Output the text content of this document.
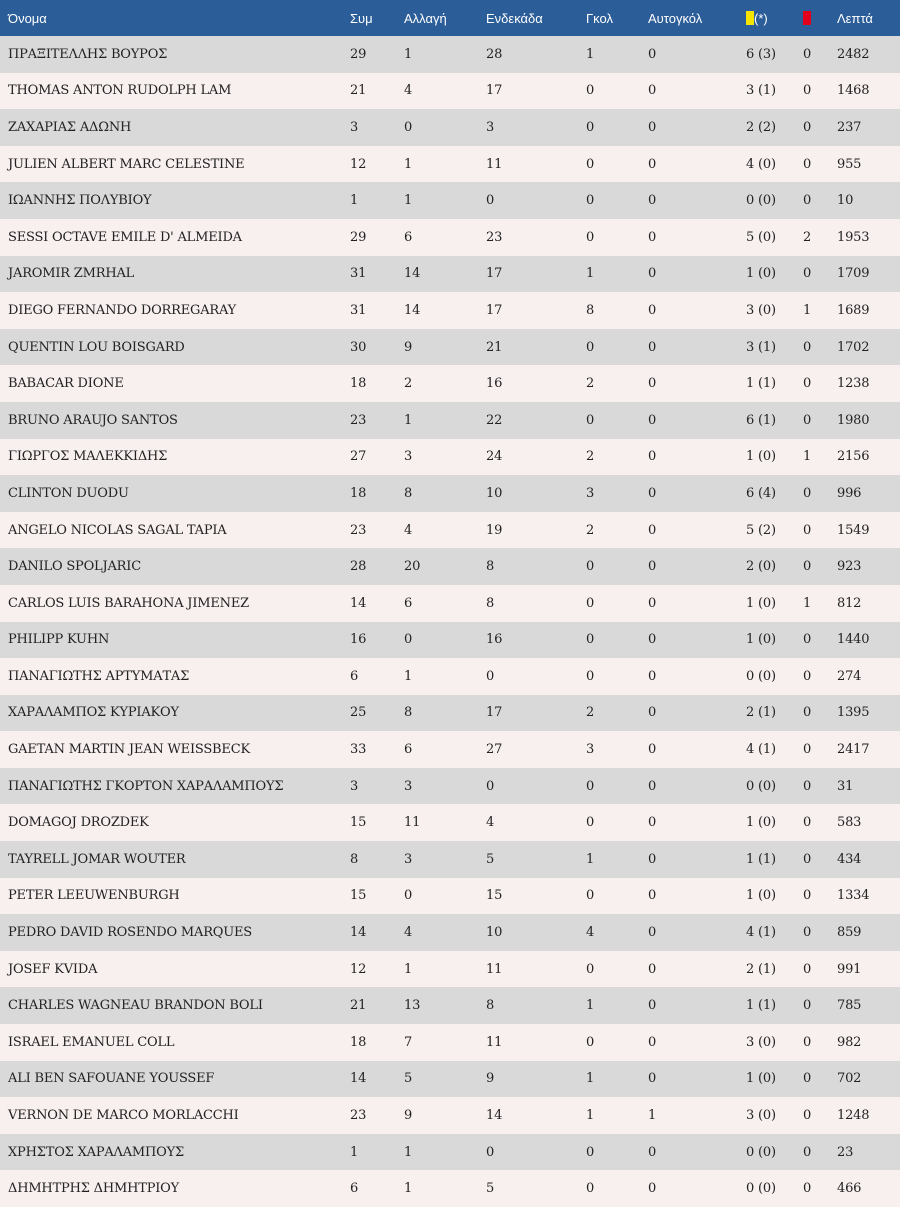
Όνομα	Συμ	Αλλαγή	Ενδεκάδα	Γκολ	Αυτογκόλ	(*)		Λεπτά
ΠΡΑΞΙΤΕΛΛΗΣ ΒΟΥΡΟΣ	29	1	28	1	0	6 (3)	0	2482
THOMAS ANTON RUDOLPH LAM	21	4	17	0	0	3 (1)	0	1468
ΖΑΧΑΡΙΑΣ ΑΔΩΝΗ	3	0	3	0	0	2 (2)	0	237
JULIEN ALBERT MARC CELESTINE	12	1	11	0	0	4 (0)	0	955
ΙΩΑΝΝΗΣ ΠΟΛΥΒΙΟΥ	1	1	0	0	0	0 (0)	0	10
SESSI OCTAVE EMILE D' ALMEIDA	29	6	23	0	0	5 (0)	2	1953
JAROMIR ZMRHAL	31	14	17	1	0	1 (0)	0	1709
DIEGO FERNANDO DORREGARAY	31	14	17	8	0	3 (0)	1	1689
QUENTIN LOU BOISGARD	30	9	21	0	0	3 (1)	0	1702
BABACAR DIONE	18	2	16	2	0	1 (1)	0	1238
BRUNO ARAUJO SANTOS	23	1	22	0	0	6 (1)	0	1980
ΓΙΩΡΓΟΣ ΜΑΛΕΚΚΙΔΗΣ	27	3	24	2	0	1 (0)	1	2156
CLINTON DUODU	18	8	10	3	0	6 (4)	0	996
ANGELO NICOLAS SAGAL TAPIA	23	4	19	2	0	5 (2)	0	1549
DANILO SPOLJARIC	28	20	8	0	0	2 (0)	0	923
CARLOS LUIS BARAHONA JIMENEZ	14	6	8	0	0	1 (0)	1	812
PHILIPP KUHN	16	0	16	0	0	1 (0)	0	1440
ΠΑΝΑΓΙΩΤΗΣ ΑΡΤΥΜΑΤΑΣ	6	1	0	0	0	0 (0)	0	274
ΧΑΡΑΛΑΜΠΟΣ ΚΥΡΙΑΚΟΥ	25	8	17	2	0	2 (1)	0	1395
GAETAN MARTIN JEAN WEISSBECK	33	6	27	3	0	4 (1)	0	2417
ΠΑΝΑΓΙΩΤΗΣ ΓΚΟΡΤΟΝ ΧΑΡΑΛΑΜΠΟΥΣ	3	3	0	0	0	0 (0)	0	31
DOMAGOJ DROZDEK	15	11	4	0	0	1 (0)	0	583
TAYRELL JOMAR WOUTER	8	3	5	1	0	1 (1)	0	434
PETER LEEUWENBURGH	15	0	15	0	0	1 (0)	0	1334
PEDRO DAVID ROSENDO MARQUES	14	4	10	4	0	4 (1)	0	859
JOSEF KVIDA	12	1	11	0	0	2 (1)	0	991
CHARLES WAGNEAU BRANDON BOLI	21	13	8	1	0	1 (1)	0	785
ISRAEL EMANUEL COLL	18	7	11	0	0	3 (0)	0	982
ALI BEN SAFOUANE YOUSSEF	14	5	9	1	0	1 (0)	0	702
VERNON DE MARCO MORLACCHI	23	9	14	1	1	3 (0)	0	1248
ΧΡΗΣΤΟΣ ΧΑΡΑΛΑΜΠΟΥΣ	1	1	0	0	0	0 (0)	0	23
ΔΗΜΗΤΡΗΣ ΔΗΜΗΤΡΙΟΥ	6	1	5	0	0	0 (0)	0	466
